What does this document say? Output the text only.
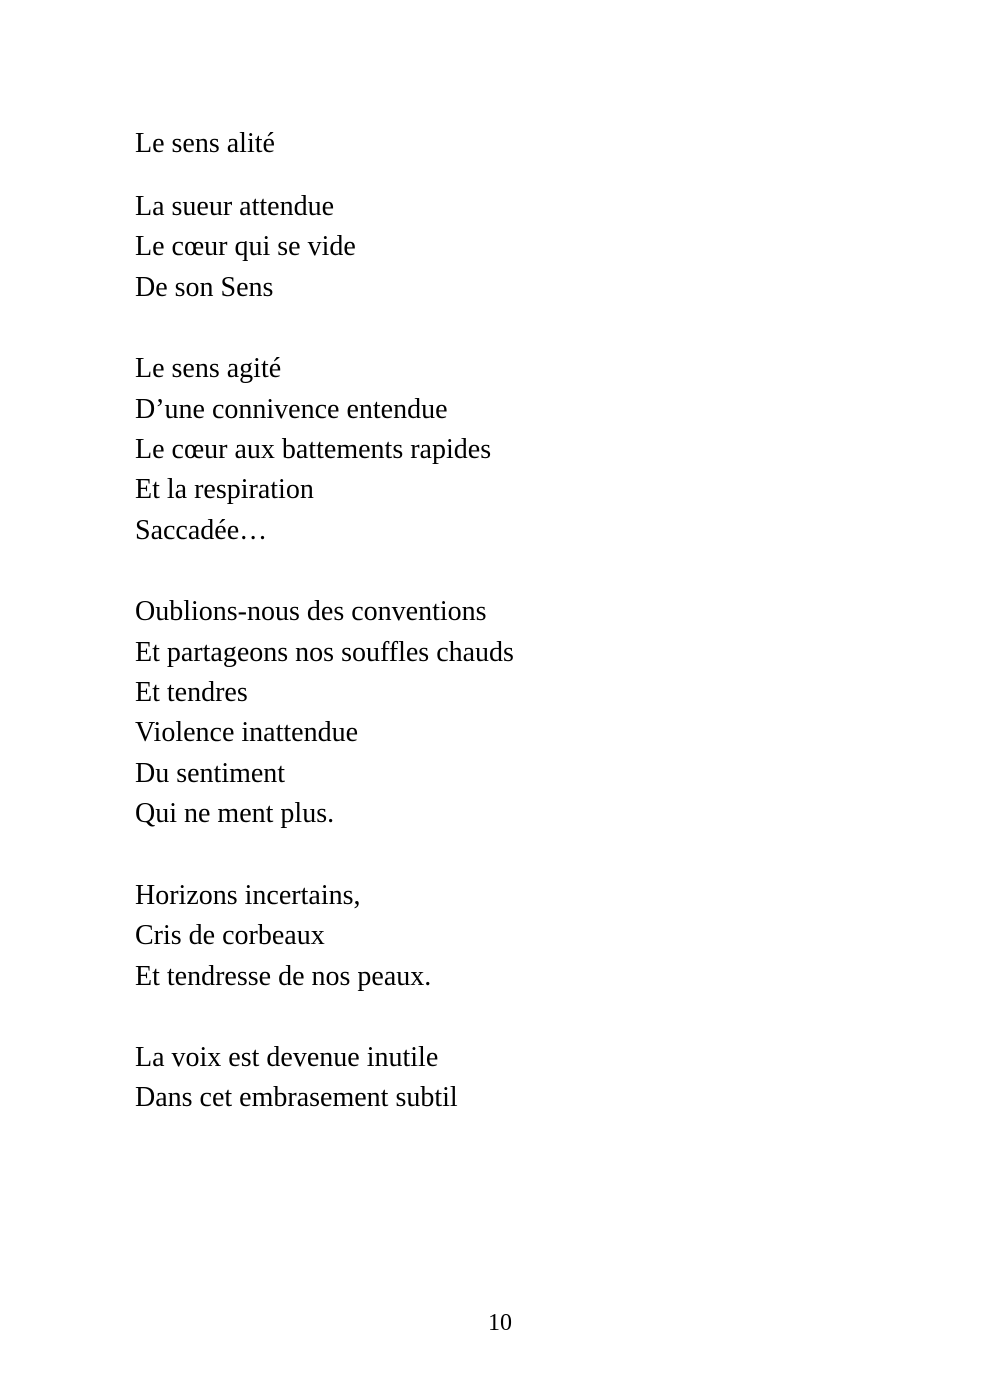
Le sens alité
La sueur attendue
Le cœur qui se vide
De son Sens
Le sens agité
D’une connivence entendue
Le cœur aux battements rapides
Et la respiration
Saccadée…
Oublions-nous des conventions
Et partageons nos souffles chauds
Et tendres
Violence inattendue
Du sentiment
Qui ne ment plus.
Horizons incertains,
Cris de corbeaux
Et tendresse de nos peaux.
La voix est devenue inutile
Dans cet embrasement subtil
10
